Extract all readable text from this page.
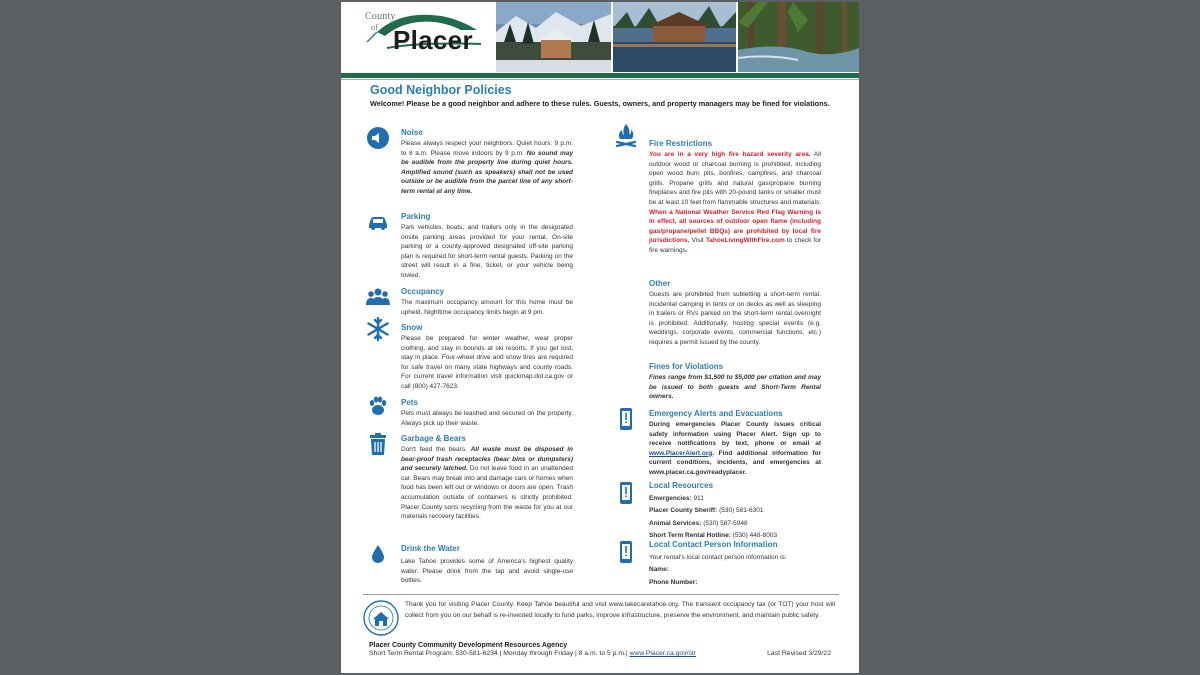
County
of Placer
Good Neighbor Policies
Welcome! Please be a good neighbor and adhere to these rules. Guests, owners, and property managers may be fined for violations.
Noise
Please always respect your neighbors. Quiet hours: 9 p.m. to 8 a.m. Please move indoors by 9 p.m. No sound may be audible from the property line during quiet hours. Amplified sound (such as speakers) shall not be used outside or be audible from the parcel line of any short-term rental at any time.
Parking
Park vehicles, boats, and trailers only in the designated onsite parking areas provided for your rental. On-site parking or a county-approved designated off-site parking plan is required for short-term rental guests. Parking on the street will result in a fine, ticket, or your vehicle being towed.
Occupancy
The maximum occupancy amount for this home must be upheld. Nighttime occupancy limits begin at 9 pm.
Snow
Please be prepared for winter weather, wear proper clothing, and stay in bounds at ski resorts. If you get lost, stay in place. Four-wheel drive and snow tires are required for safe travel on many state highways and county roads. For current travel information visit quickmap.dot.ca.gov or call (800) 427-7623.
Pets
Pets must always be leashed and secured on the property. Always pick up their waste.
Garbage & Bears
Don't feed the bears. All waste must be disposed in bear-proof trash receptacles (bear bins or dumpsters) and securely latched. Do not leave food in an unattended car. Bears may break into and damage cars or homes when food has been left out or windows or doors are open. Trash accumulation outside of containers is strictly prohibited. Placer County sorts recycling from the waste for you at our materials recovery facilities.
Drink the Water
Lake Tahoe provides some of America's highest quality water. Please drink from the tap and avoid single-use bottles.
Fire Restrictions
You are in a very high fire hazard severity area. All outdoor wood or charcoal burning is prohibited, including open wood burn pits, bonfires, campfires, and charcoal grills. Propane grills and natural gas/propane burning fireplaces and fire pits with 20-pound tanks or smaller must be at least 10 feet from flammable structures and materials. When a National Weather Service Red Flag Warning is in effect, all sources of outdoor open flame (including gas/propane/pellet BBQs) are prohibited by local fire jurisdictions. Visit TahoeLivingWithFire.com to check for fire warnings.
Other
Guests are prohibited from subletting a short-term rental. Incidental camping in tents or on decks as well as sleeping in trailers or RVs parked on the short-term rental overnight is prohibited. Additionally, hosting special events (e.g. weddings, corporate events, commercial functions, etc.) requires a permit issued by the county.
Fines for Violations
Fines range from $1,500 to $5,000 per citation and may be issued to both guests and Short-Term Rental owners.
Emergency Alerts and Evacuations
During emergencies Placer County issues critical safety information using Placer Alert. Sign up to receive notifications by text, phone or email at www.PlacerAlert.org. Find additional information for current conditions, incidents, and emergencies at www.placer.ca.gov/readyplacer.
Local Resources
Emergencies: 911
Placer County Sheriff: (530) 581-6301
Animal Services: (530) 587-5948
Short Term Rental Hotline: (530) 448-8003
Local Contact Person Information
Your rental's local contact person information is:
Name:
Phone Number:
Thank you for visiting Placer County. Keep Tahoe beautiful and visit www.takecaretahoe.org. The transient occupancy tax (or TOT) your host will collect from you on our behalf is re-invested locally to fund parks, improve infrastructure, preserve the environment, and maintain public safety.
Placer County Community Development Resources Agency
Short Term Rental Program: 530-581-6234 | Monday through Friday | 8 a.m. to 5 p.m.| www.Placer.ca.gov/str	Last Revised 3/29/22
